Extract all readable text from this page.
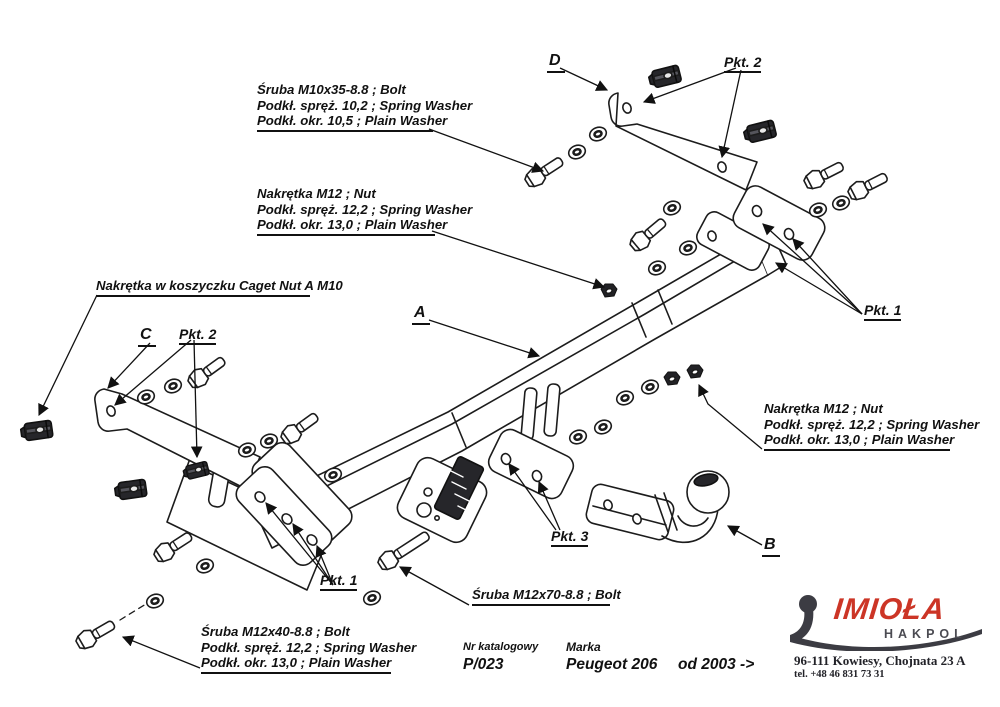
Śruba M10x35-8.8 ; Bolt
Podkł. spręż. 10,2 ; Spring Washer
Podkł. okr. 10,5 ; Plain Washer
Nakrętka M12 ; Nut
Podkł. spręż. 12,2 ; Spring Washer
Podkł. okr. 13,0 ; Plain Washer
Nakrętka w koszyczku Caget Nut A M10
Nakrętka M12 ; Nut
Podkł. spręż. 12,2 ; Spring Washer
Podkł. okr. 13,0 ; Plain Washer
Śruba M12x70-8.8 ; Bolt
Śruba M12x40-8.8 ; Bolt
Podkł. spręż. 12,2 ; Spring Washer
Podkł. okr. 13,0 ; Plain Washer
C
A
D
B
Pkt. 2
Pkt. 2
Pkt. 1
Pkt. 1
Pkt. 3
Nr katalogowy
P/023
Marka
Peugeot 206 od 2003 ->
IMIOŁA
HAKPOL
96-111 Kowiesy, Chojnata 23 A
tel. +48 46 831 73 31
